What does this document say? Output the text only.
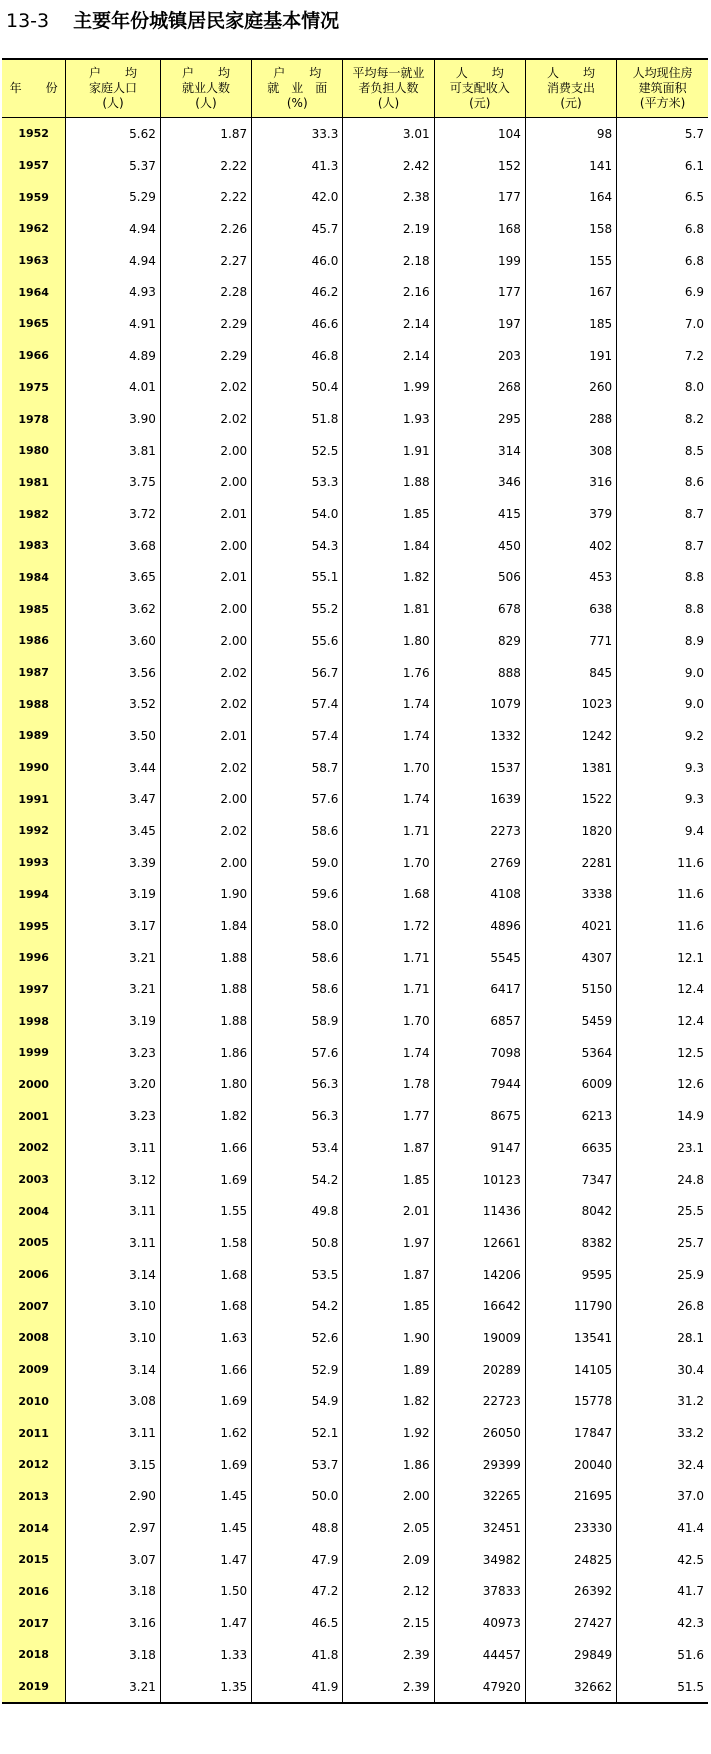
13-3 主要年份城镇居民家庭基本情况
年　　份	户　　均
家庭人口
(人)	户　　均
就业人数
(人)	户　　均
就　业　面
(%)	平均每一就业
者负担人数
(人)	人　　均
可支配收入
(元)	人　　均
消费支出
(元)	人均现住房
建筑面积
(平方米)

1952	5.62	1.87	33.3	3.01	104	98	5.7
1957	5.37	2.22	41.3	2.42	152	141	6.1
1959	5.29	2.22	42.0	2.38	177	164	6.5
1962	4.94	2.26	45.7	2.19	168	158	6.8
1963	4.94	2.27	46.0	2.18	199	155	6.8
1964	4.93	2.28	46.2	2.16	177	167	6.9
1965	4.91	2.29	46.6	2.14	197	185	7.0
1966	4.89	2.29	46.8	2.14	203	191	7.2
1975	4.01	2.02	50.4	1.99	268	260	8.0
1978	3.90	2.02	51.8	1.93	295	288	8.2
1980	3.81	2.00	52.5	1.91	314	308	8.5
1981	3.75	2.00	53.3	1.88	346	316	8.6
1982	3.72	2.01	54.0	1.85	415	379	8.7
1983	3.68	2.00	54.3	1.84	450	402	8.7
1984	3.65	2.01	55.1	1.82	506	453	8.8
1985	3.62	2.00	55.2	1.81	678	638	8.8
1986	3.60	2.00	55.6	1.80	829	771	8.9
1987	3.56	2.02	56.7	1.76	888	845	9.0
1988	3.52	2.02	57.4	1.74	1079	1023	9.0
1989	3.50	2.01	57.4	1.74	1332	1242	9.2
1990	3.44	2.02	58.7	1.70	1537	1381	9.3
1991	3.47	2.00	57.6	1.74	1639	1522	9.3
1992	3.45	2.02	58.6	1.71	2273	1820	9.4
1993	3.39	2.00	59.0	1.70	2769	2281	11.6
1994	3.19	1.90	59.6	1.68	4108	3338	11.6
1995	3.17	1.84	58.0	1.72	4896	4021	11.6
1996	3.21	1.88	58.6	1.71	5545	4307	12.1
1997	3.21	1.88	58.6	1.71	6417	5150	12.4
1998	3.19	1.88	58.9	1.70	6857	5459	12.4
1999	3.23	1.86	57.6	1.74	7098	5364	12.5
2000	3.20	1.80	56.3	1.78	7944	6009	12.6
2001	3.23	1.82	56.3	1.77	8675	6213	14.9
2002	3.11	1.66	53.4	1.87	9147	6635	23.1
2003	3.12	1.69	54.2	1.85	10123	7347	24.8
2004	3.11	1.55	49.8	2.01	11436	8042	25.5
2005	3.11	1.58	50.8	1.97	12661	8382	25.7
2006	3.14	1.68	53.5	1.87	14206	9595	25.9
2007	3.10	1.68	54.2	1.85	16642	11790	26.8
2008	3.10	1.63	52.6	1.90	19009	13541	28.1
2009	3.14	1.66	52.9	1.89	20289	14105	30.4
2010	3.08	1.69	54.9	1.82	22723	15778	31.2
2011	3.11	1.62	52.1	1.92	26050	17847	33.2
2012	3.15	1.69	53.7	1.86	29399	20040	32.4
2013	2.90	1.45	50.0	2.00	32265	21695	37.0
2014	2.97	1.45	48.8	2.05	32451	23330	41.4
2015	3.07	1.47	47.9	2.09	34982	24825	42.5
2016	3.18	1.50	47.2	2.12	37833	26392	41.7
2017	3.16	1.47	46.5	2.15	40973	27427	42.3
2018	3.18	1.33	41.8	2.39	44457	29849	51.6
2019	3.21	1.35	41.9	2.39	47920	32662	51.5
